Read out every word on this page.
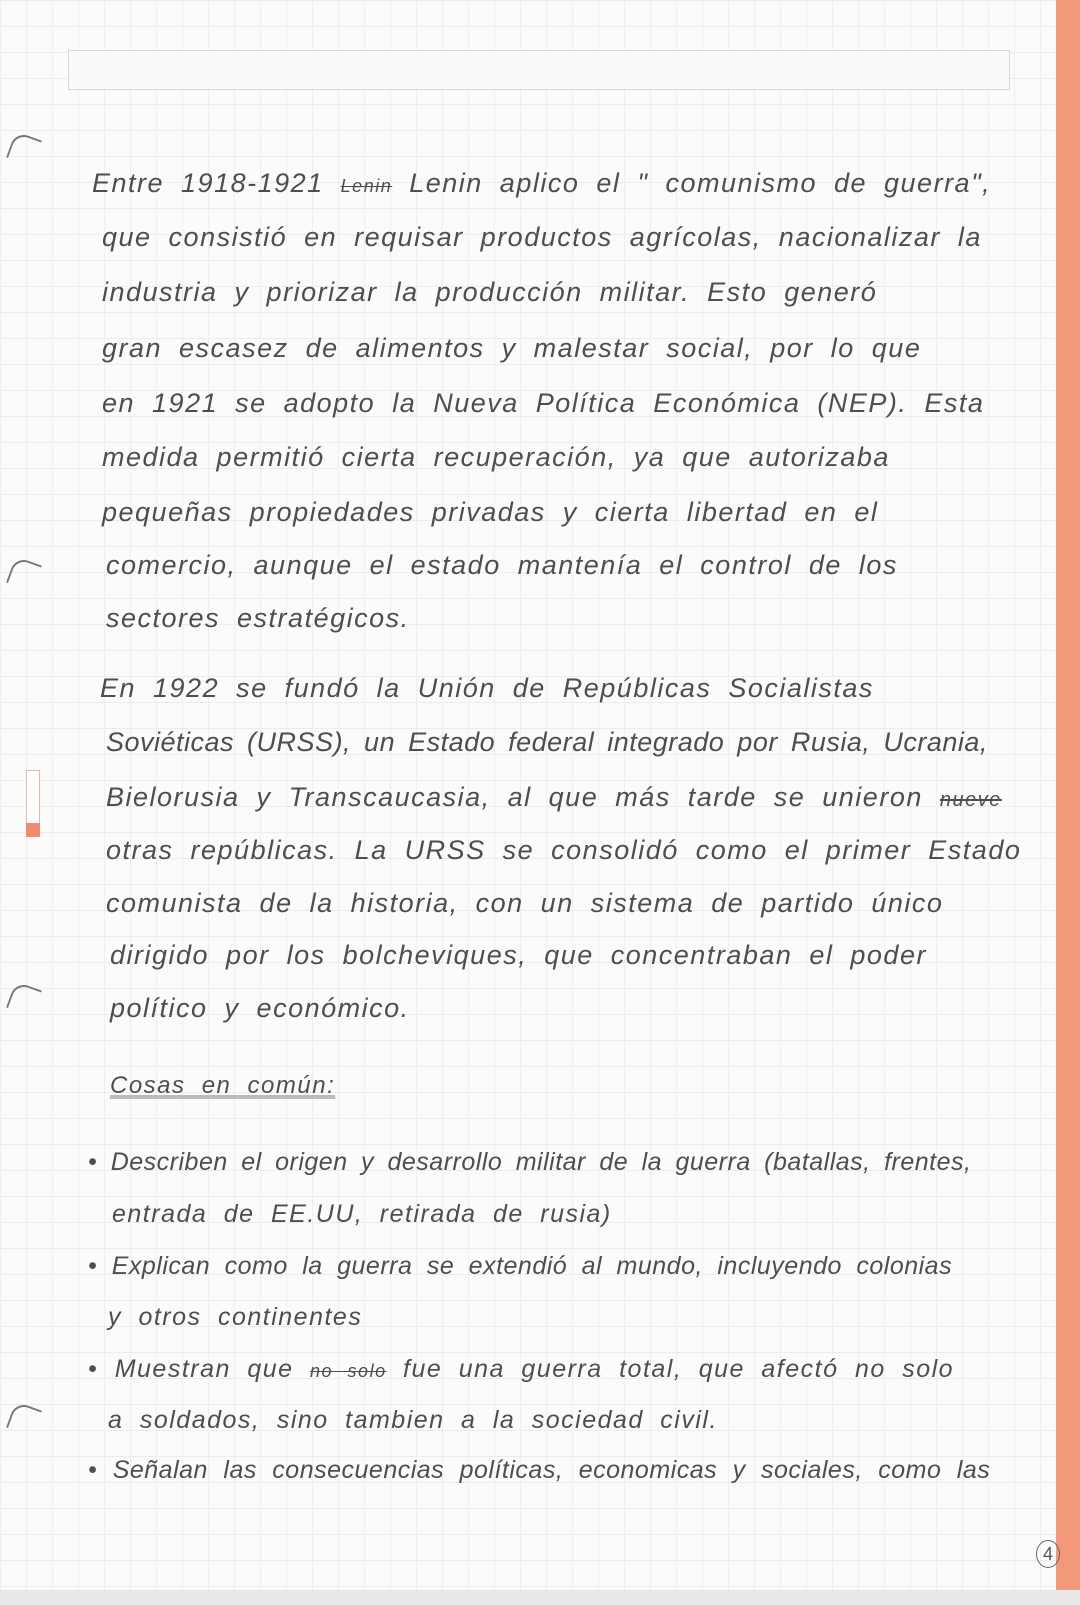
Entre 1918-1921 Lenin Lenin aplico el " comunismo de guerra",
que consistió en requisar productos agrícolas, nacionalizar la
industria y priorizar la producción militar. Esto generó
gran escasez de alimentos y malestar social, por lo que
en 1921 se adopto la Nueva Política Económica (NEP). Esta
medida permitió cierta recuperación, ya que autorizaba
pequeñas propiedades privadas y cierta libertad en el
comercio, aunque el estado mantenía el control de los
sectores estratégicos.
En 1922 se fundó la Unión de Repúblicas Socialistas
Soviéticas (URSS), un Estado federal integrado por Rusia, Ucrania,
Bielorusia y Transcaucasia, al que más tarde se unieron nueve
otras repúblicas. La URSS se consolidó como el primer Estado
comunista de la historia, con un sistema de partido único
dirigido por los bolcheviques, que concentraban el poder
político y económico.
Cosas en común:
• Describen el origen y desarrollo militar de la guerra (batallas, frentes,
entrada de EE.UU, retirada de rusia)
• Explican como la guerra se extendió al mundo, incluyendo colonias
y otros continentes
• Muestran que no solo fue una guerra total, que afectó no solo
a soldados, sino tambien a la sociedad civil.
• Señalan las consecuencias políticas, economicas y sociales, como las
4
